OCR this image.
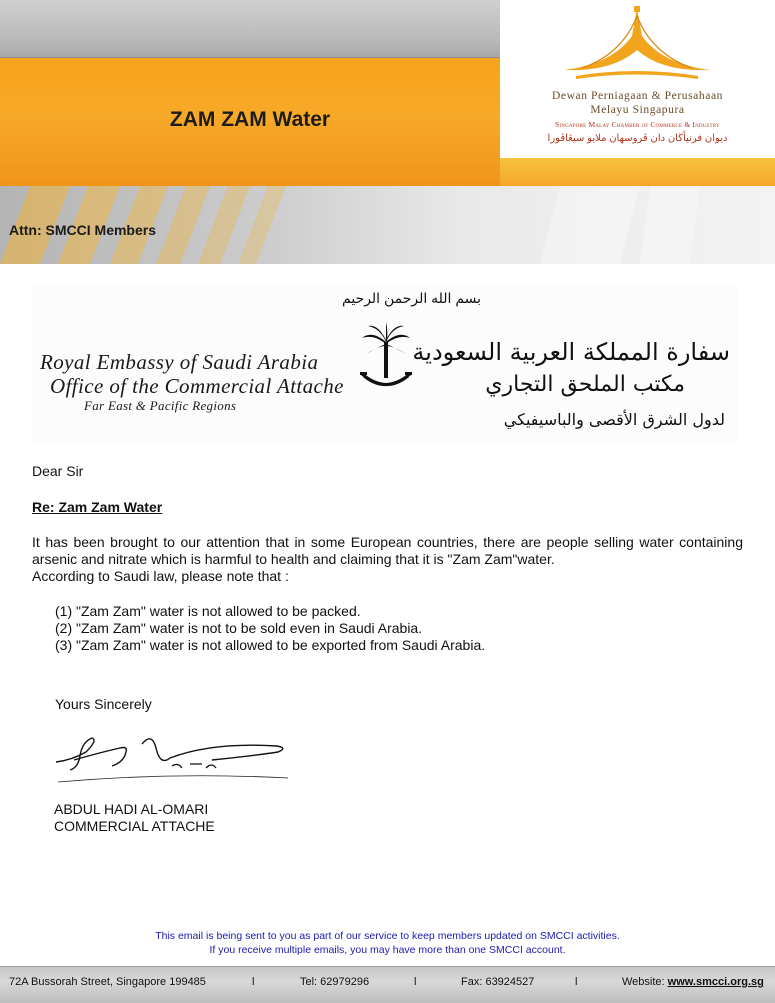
ZAM ZAM Water
Dewan Perniagaan & Perusahaan
Melayu Singapura
Singapore Malay Chamber of Commerce & Industry
ديوان فرنيأڬان دان ڤروسهان ملايو سيڠاڤورا
Attn: SMCCI Members
بسم الله الرحمن الرحيم
Royal Embassy of Saudi Arabia
Office of the Commercial Attache
Far East & Pacific Regions
سفارة المملكة العربية السعودية
مكتب الملحق التجاري
لدول الشرق الأقصى والباسيفيكي
Dear Sir
Re: Zam Zam Water
It has been brought to our attention that in some European countries, there are people selling water containing arsenic and nitrate which is harmful to health and claiming that it is "Zam Zam"water.
According to Saudi law, please note that :
(1) "Zam Zam" water is not allowed to be packed.
(2) "Zam Zam" water is not to be sold even in Saudi Arabia.
(3) "Zam Zam" water is not allowed to be exported from Saudi Arabia.
Yours Sincerely
ABDUL HADI AL-OMARI
COMMERCIAL ATTACHE
This email is being sent to you as part of our service to keep members updated on SMCCI activities.
If you receive multiple emails, you may have more than one SMCCI account.
72A Bussorah Street, Singapore 199485	l	Tel: 62979296	l	Fax: 63924527	l	Website: www.smcci.org.sg
